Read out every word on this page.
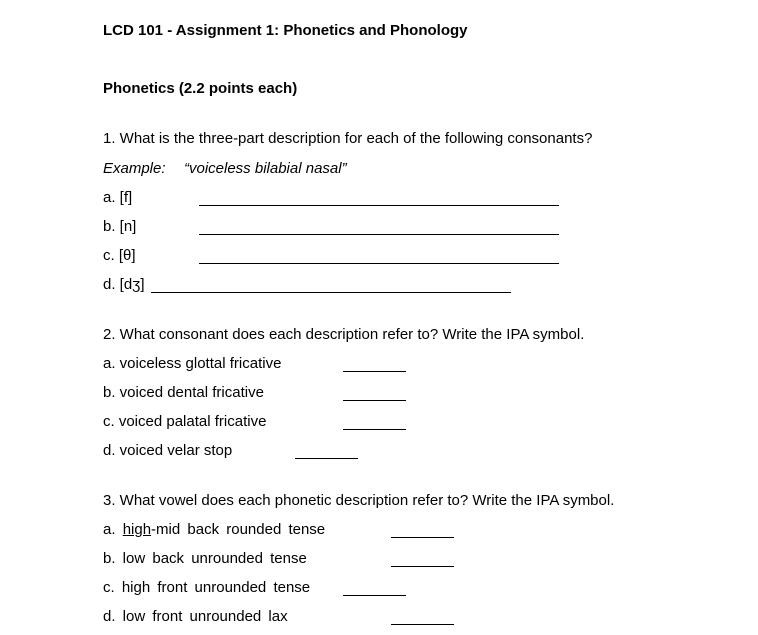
LCD 101 - Assignment 1: Phonetics and Phonology
Phonetics (2.2 points each)
1. What is the three-part description for each of the following consonants?
Example: “voiceless bilabial nasal”
a. [f]
b. [n]
c. [θ]
d. [dʒ]
2. What consonant does each description refer to? Write the IPA symbol.
a. voiceless glottal fricative
b. voiced dental fricative
c. voiced palatal fricative
d. voiced velar stop
3. What vowel does each phonetic description refer to? Write the IPA symbol.
a. high-mid back rounded tense
b. low back unrounded tense
c. high front unrounded tense
d. low front unrounded lax
